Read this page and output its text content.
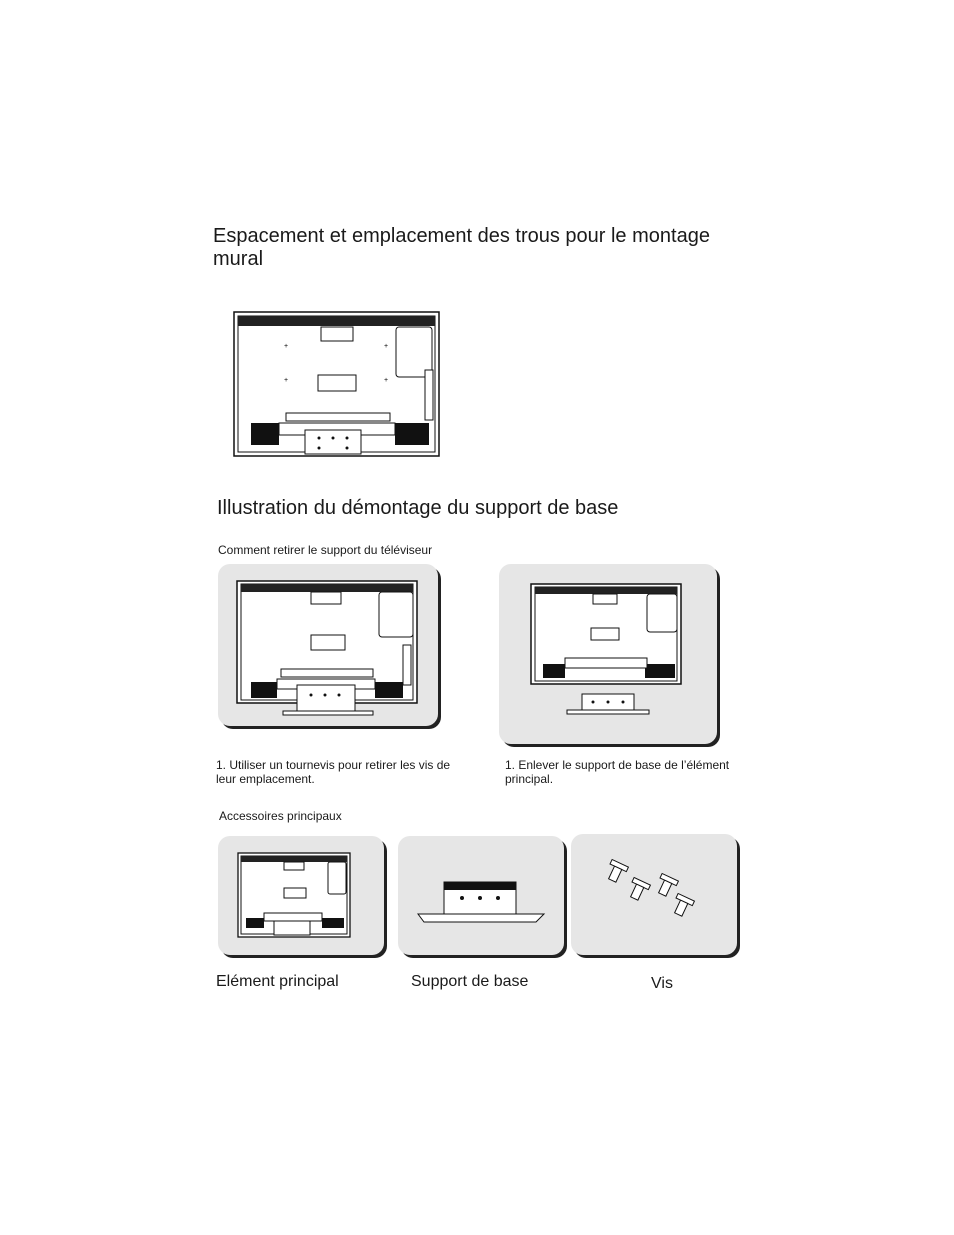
Espacement et emplacement des trous pour le montage
mural
+	+
+	+
Illustration du démontage du support de base
Comment retirer le support du téléviseur
1. Utiliser un tournevis pour retirer les vis de
leur emplacement.
1. Enlever le support de base de l’élément
principal.
Accessoires principaux
Elément principal	Support de base	Vis
